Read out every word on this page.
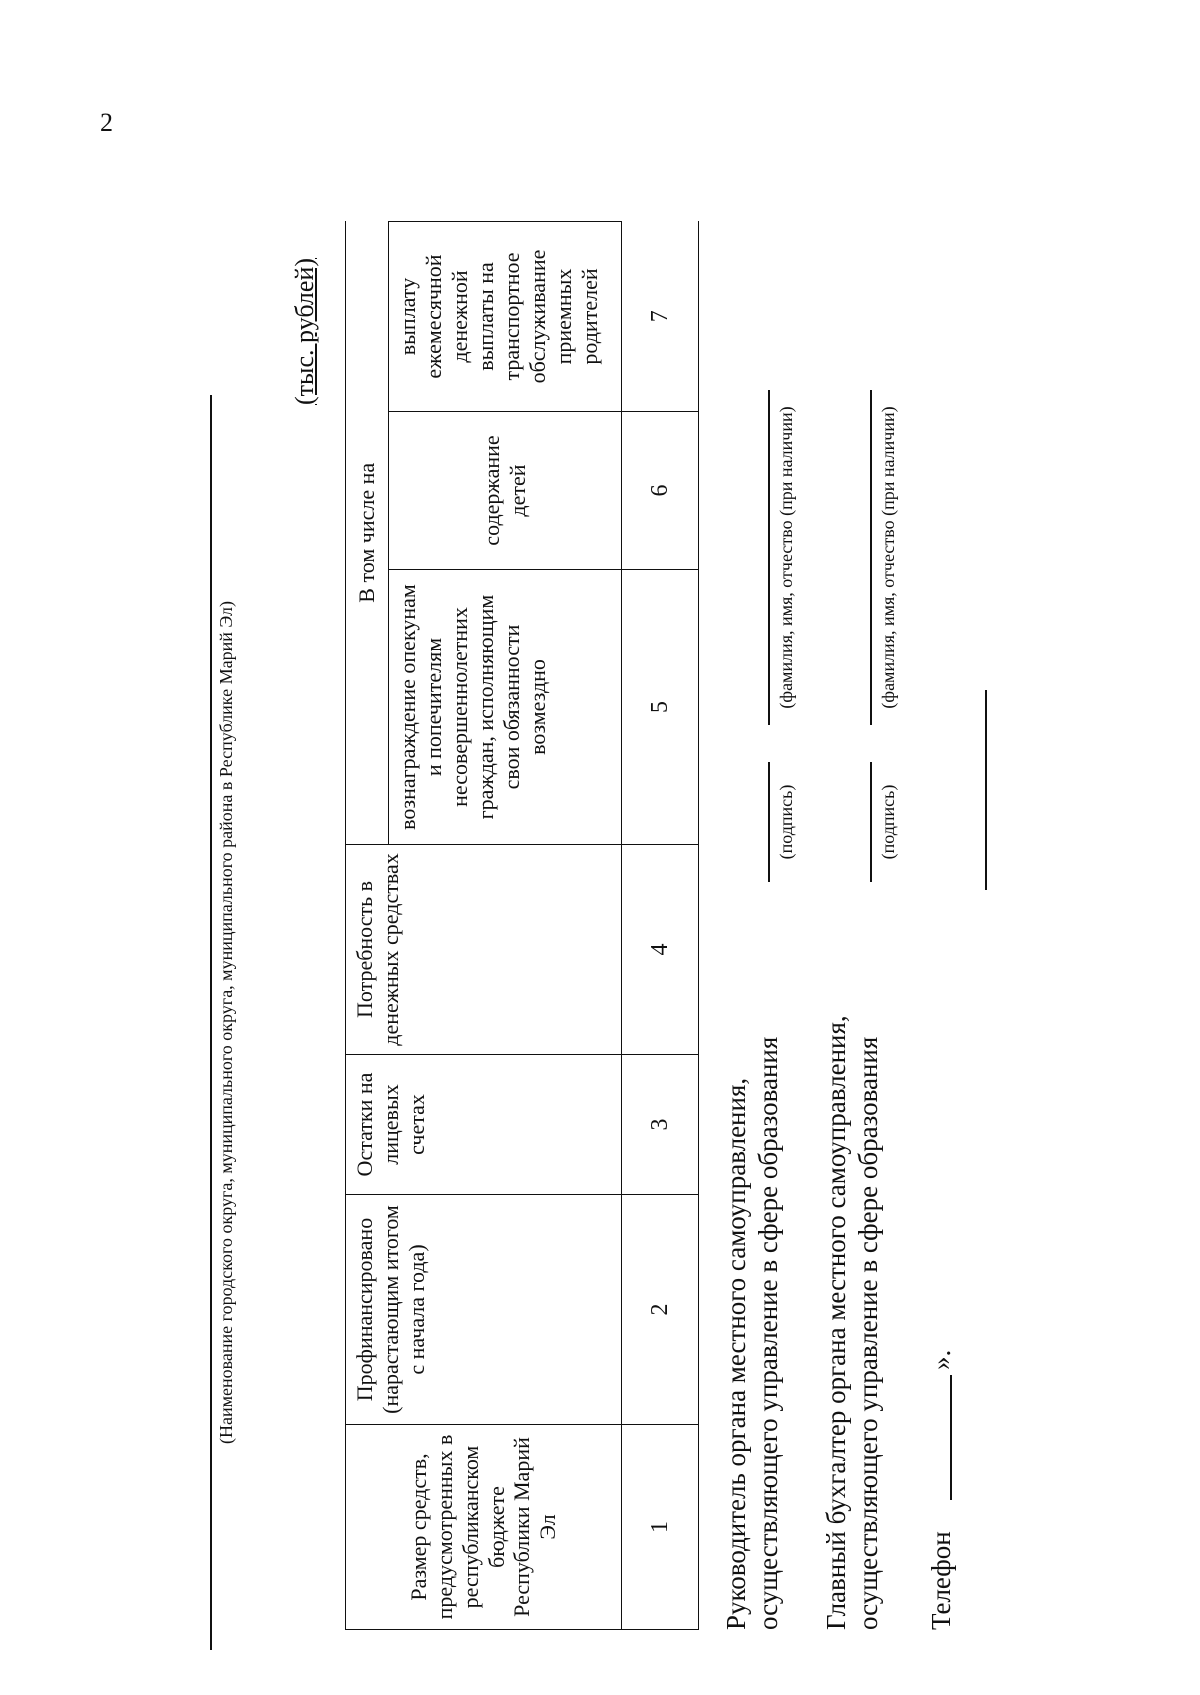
2
(Наименование городского округа, муниципального округа, муниципального района в Республике Марий Эл)
(тыс. рублей)
Размер средств, предусмотренных в республиканском бюджете Республики Марий Эл	Профинансировано (нарастающим итогом с начала года)	Остатки на лицевых счетах	Потребность в денежных средствах	В том числе на		
				вознаграждение опекунам и попечителям несовершеннолетних граждан, исполняющим свои обязанности возмездно	содержание детей	выплату ежемесячной денежной выплаты на транспортное обслуживание приемных родителей
1	2	3	4	5	6	7
Руководитель органа местного самоуправления, осуществляющего управление в сфере образования
(подпись)
(фамилия, имя, отчество (при наличии)
Главный бухгалтер органа местного самоуправления, осуществляющего управление в сфере образования
(подпись)
(фамилия, имя, отчество (при наличии)
Телефон
».
